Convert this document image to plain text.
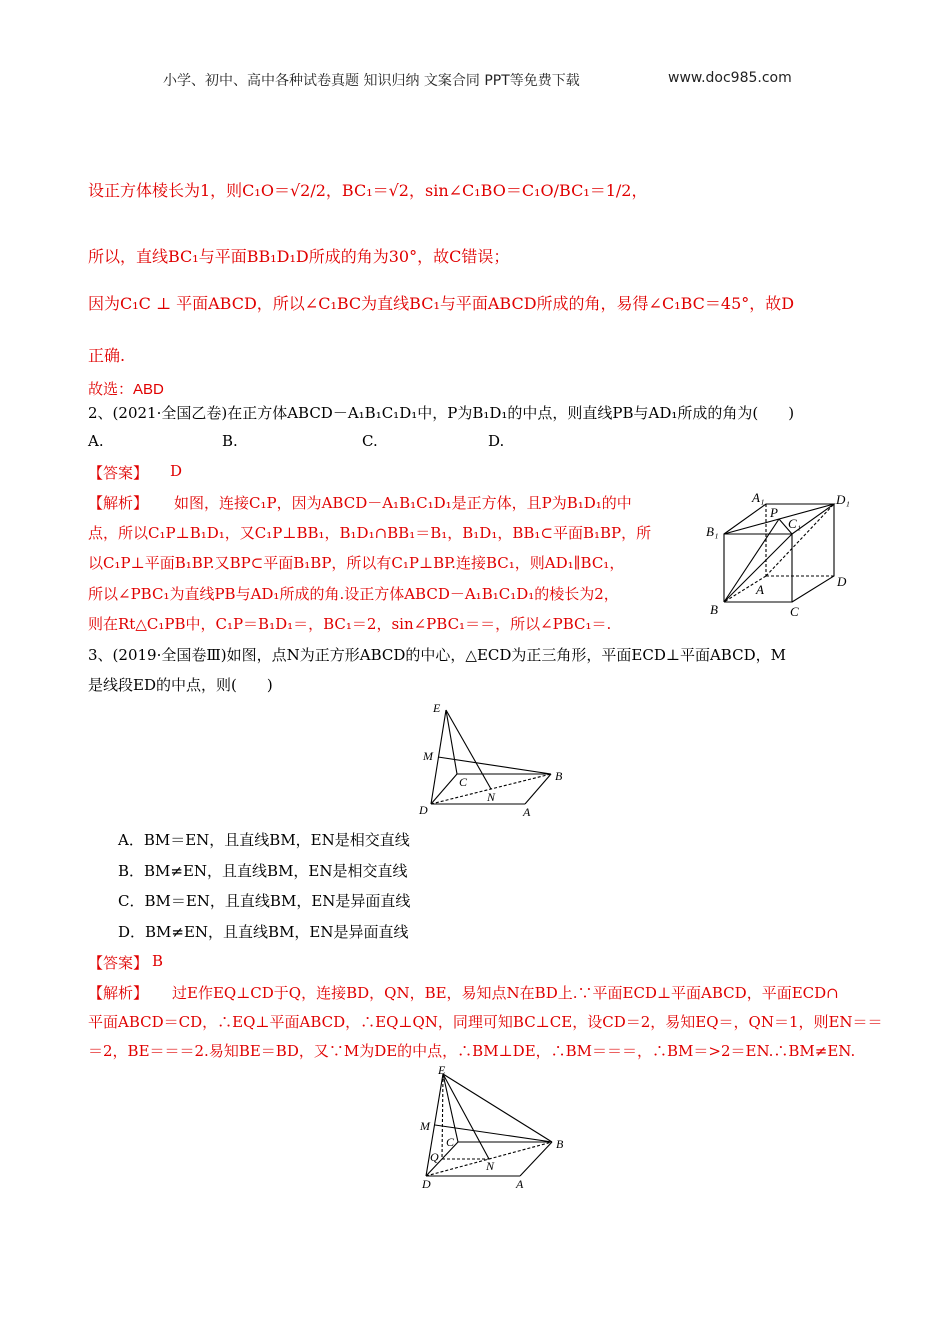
小学、初中、高中各种试卷真题 知识归纳 文案合同 PPT等免费下载	www.doc985.com
设正方体棱长为1，则C₁O＝√2/2，BC₁＝√2，sin∠C₁BO＝C₁O/BC₁＝1/2，
所以，直线BC₁与平面BB₁D₁D所成的角为30°，故C错误；
因为C₁C ⊥ 平面ABCD，所以∠C₁BC为直线BC₁与平面ABCD所成的角，易得∠C₁BC＝45°，故D
正确.
故选：ABD
2、(2021·全国乙卷)在正方体ABCD－A₁B₁C₁D₁中，P为B₁D₁的中点，则直线PB与AD₁所成的角为(　　)
A.	B.	C.	D.
【答案】 D
【解析】 如图，连接C₁P，因为ABCD－A₁B₁C₁D₁是正方体，且P为B₁D₁的中
点，所以C₁P⊥B₁D₁，又C₁P⊥BB₁，B₁D₁∩BB₁＝B₁，B₁D₁，BB₁⊂平面B₁BP，所
以C₁P⊥平面B₁BP.又BP⊂平面B₁BP，所以有C₁P⊥BP.连接BC₁，则AD₁∥BC₁，
所以∠PBC₁为直线PB与AD₁所成的角.设正方体ABCD－A₁B₁C₁D₁的棱长为2，
则在Rt△C₁PB中，C₁P＝B₁D₁＝，BC₁＝2，sin∠PBC₁＝＝，所以∠PBC₁＝.
A₁	D₁
P
C₁
B₁
A
D
B	C
3、(2019·全国卷Ⅲ)如图，点N为正方形ABCD的中心，△ECD为正三角形，平面ECD⊥平面ABCD，M
是线段ED的中点，则(　　)
E
M
C	B
N
D	A
A．BM＝EN，且直线BM，EN是相交直线
B．BM≠EN，且直线BM，EN是相交直线
C．BM＝EN，且直线BM，EN是异面直线
D．BM≠EN，且直线BM，EN是异面直线
【答案】 B
【解析】 过E作EQ⊥CD于Q，连接BD，QN，BE，易知点N在BD上.∵平面ECD⊥平面ABCD，平面ECD∩
平面ABCD＝CD，∴EQ⊥平面ABCD，∴EQ⊥QN，同理可知BC⊥CE，设CD＝2，易知EQ＝，QN＝1，则EN＝＝
＝2，BE＝＝＝2.易知BE＝BD，又∵M为DE的中点，∴BM⊥DE，∴BM＝＝＝，∴BM＝>2＝EN.∴BM≠EN.
E
M
C	B
Q
N
D	A
